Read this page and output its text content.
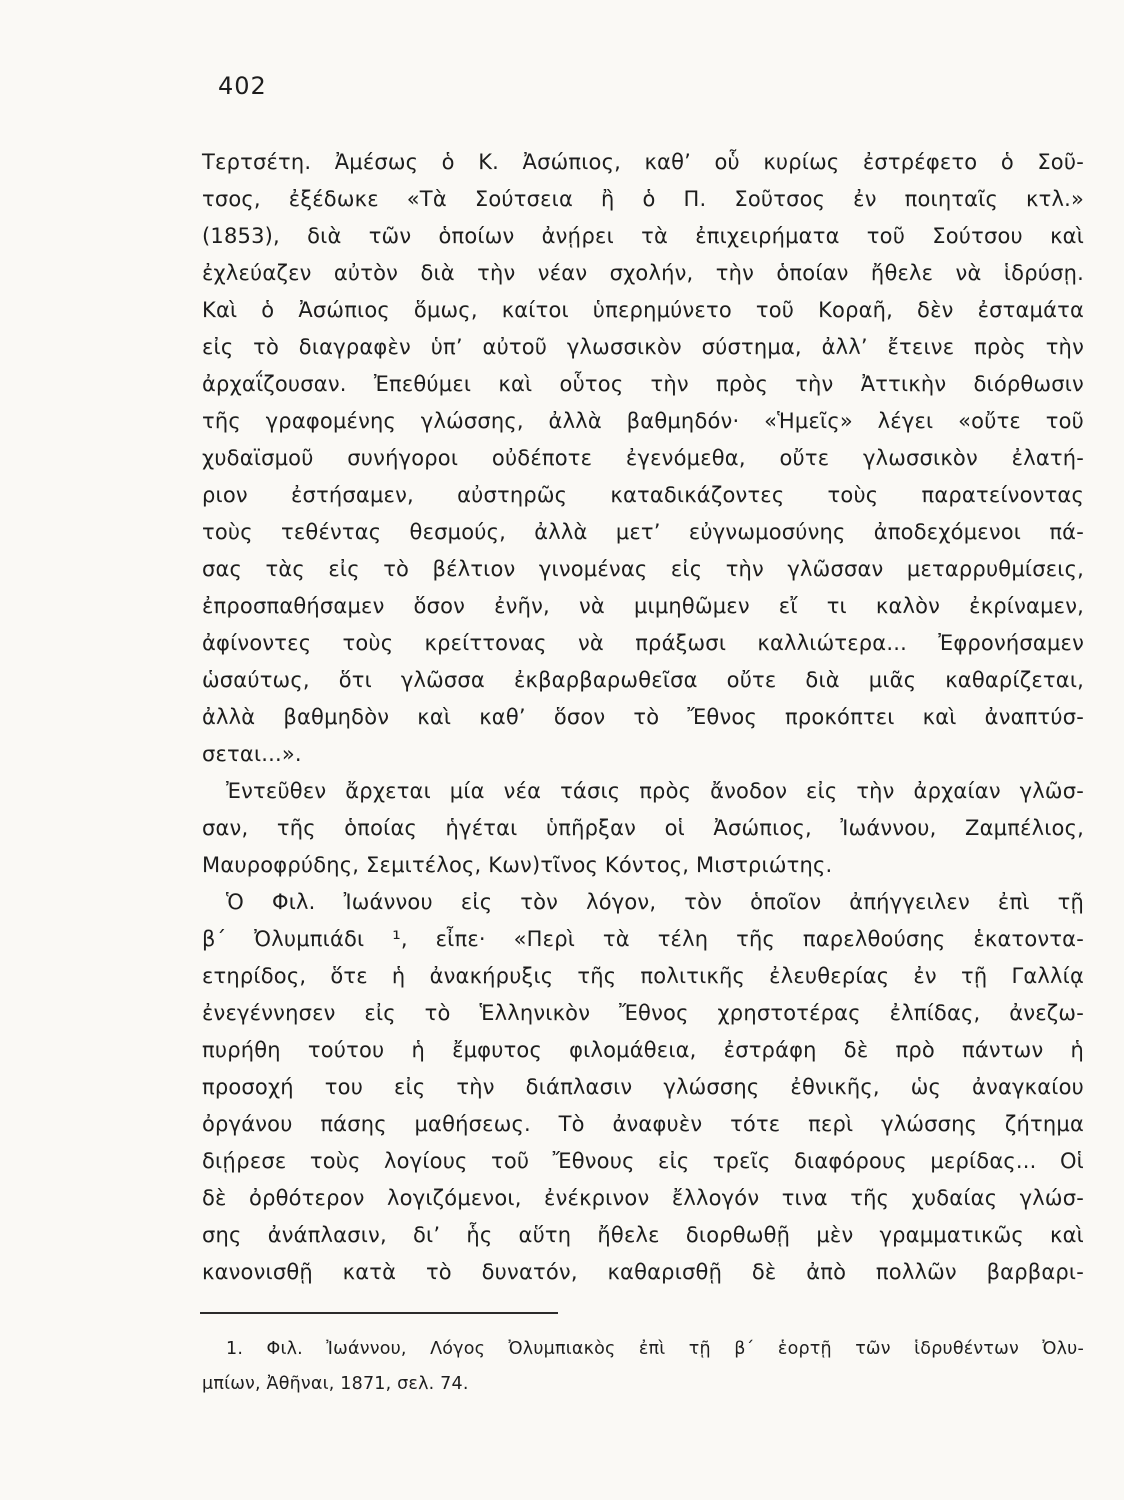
402
Τερτσέτη. Ἀμέσως ὁ Κ. Ἀσώπιος, καθ’ οὗ κυρίως ἐστρέφετο ὁ Σοῦ-
τσος, ἐξέδωκε «Τὰ Σούτσεια ἢ ὁ Π. Σοῦτσος ἐν ποιηταῖς κτλ.»
(1853), διὰ τῶν ὁποίων ἀνῄρει τὰ ἐπιχειρήματα τοῦ Σούτσου καὶ
ἐχλεύαζεν αὐτὸν διὰ τὴν νέαν σχολήν, τὴν ὁποίαν ἤθελε νὰ ἱδρύσῃ.
Καὶ ὁ Ἀσώπιος ὅμως, καίτοι ὑπερημύνετο τοῦ Κοραῆ, δὲν ἐσταμάτα
εἰς τὸ διαγραφὲν ὑπ’ αὐτοῦ γλωσσικὸν σύστημα, ἀλλ’ ἔτεινε πρὸς τὴν
ἀρχαΐζουσαν. Ἐπεθύμει καὶ οὗτος τὴν πρὸς τὴν Ἀττικὴν διόρθωσιν
τῆς γραφομένης γλώσσης, ἀλλὰ βαθμηδόν· «Ἡμεῖς» λέγει «οὔτε τοῦ
χυδαϊσμοῦ συνήγοροι οὐδέποτε ἐγενόμεθα, οὔτε γλωσσικὸν ἐλατή-
ριον ἐστήσαμεν, αὐστηρῶς καταδικάζοντες τοὺς παρατείνοντας
τοὺς τεθέντας θεσμούς, ἀλλὰ μετ’ εὐγνωμοσύνης ἀποδεχόμενοι πά-
σας τὰς εἰς τὸ βέλτιον γινομένας εἰς τὴν γλῶσσαν μεταρρυθμίσεις,
ἐπροσπαθήσαμεν ὅσον ἐνῆν, νὰ μιμηθῶμεν εἴ τι καλὸν ἐκρίναμεν,
ἀφίνοντες τοὺς κρείττονας νὰ πράξωσι καλλιώτερα... Ἐφρονήσαμεν
ὡσαύτως, ὅτι γλῶσσα ἐκβαρβαρωθεῖσα οὔτε διὰ μιᾶς καθαρίζεται,
ἀλλὰ βαθμηδὸν καὶ καθ’ ὅσον τὸ Ἔθνος προκόπτει καὶ ἀναπτύσ-
σεται...».
Ἐντεῦθεν ἄρχεται μία νέα τάσις πρὸς ἄνοδον εἰς τὴν ἀρχαίαν γλῶσ-
σαν, τῆς ὁποίας ἡγέται ὑπῆρξαν οἱ Ἀσώπιος, Ἰωάννου, Ζαμπέλιος,
Μαυροφρύδης, Σεμιτέλος, Κων)τῖνος Κόντος, Μιστριώτης.
Ὁ Φιλ. Ἰωάννου εἰς τὸν λόγον, τὸν ὁποῖον ἀπήγγειλεν ἐπὶ τῇ
β΄ Ὀλυμπιάδι ¹, εἶπε· «Περὶ τὰ τέλη τῆς παρελθούσης ἑκατοντα-
ετηρίδος, ὅτε ἡ ἀνακήρυξις τῆς πολιτικῆς ἐλευθερίας ἐν τῇ Γαλλίᾳ
ἐνεγέννησεν εἰς τὸ Ἑλληνικὸν Ἔθνος χρηστοτέρας ἐλπίδας, ἀνεζω-
πυρήθη τούτου ἡ ἔμφυτος φιλομάθεια, ἐστράφη δὲ πρὸ πάντων ἡ
προσοχή του εἰς τὴν διάπλασιν γλώσσης ἐθνικῆς, ὡς ἀναγκαίου
ὀργάνου πάσης μαθήσεως. Τὸ ἀναφυὲν τότε περὶ γλώσσης ζήτημα
διῄρεσε τοὺς λογίους τοῦ Ἔθνους εἰς τρεῖς διαφόρους μερίδας... Οἱ
δὲ ὀρθότερον λογιζόμενοι, ἐνέκρινον ἔλλογόν τινα τῆς χυδαίας γλώσ-
σης ἀνάπλασιν, δι’ ἧς αὕτη ἤθελε διορθωθῇ μὲν γραμματικῶς καὶ
κανονισθῇ κατὰ τὸ δυνατόν, καθαρισθῇ δὲ ἀπὸ πολλῶν βαρβαρι-
1. Φιλ. Ἰωάννου, Λόγος Ὀλυμπιακὸς ἐπὶ τῇ β΄ ἑορτῇ τῶν ἱδρυθέντων Ὀλυ-
μπίων, Ἀθῆναι, 1871, σελ. 74.
